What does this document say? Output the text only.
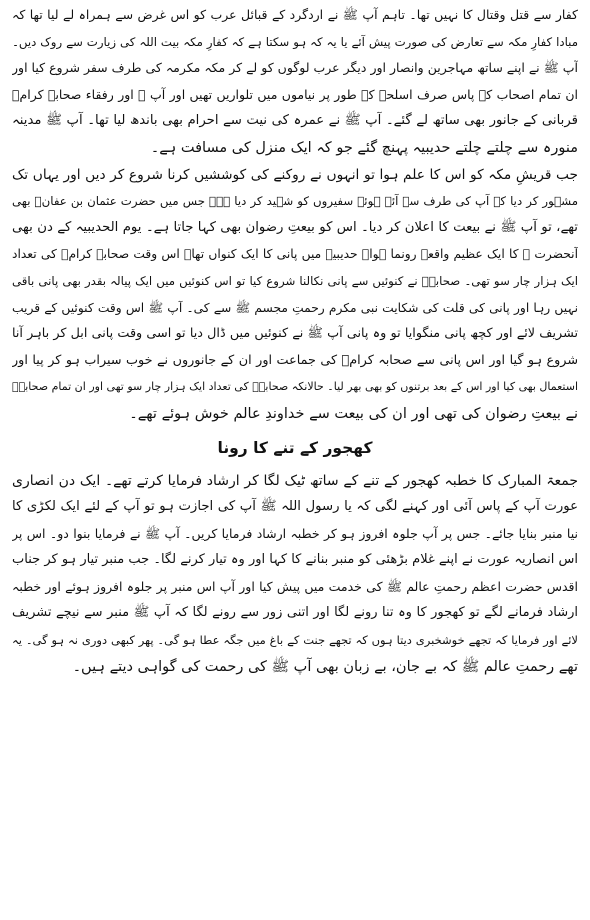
کفار سے قتل وقتال کا نہیں تھا۔ تاہم آپ ﷺ نے اردگرد کے قبائل عرب کو اس غرض سے ہمراہ لے لیا تھا کہ
مبادا کفارِ مکہ سے تعارض کی صورت پیش آئے یا یہ کہ ہو سکتا ہے کہ کفارِ مکہ بیت اللہ کی زیارت سے روک دیں۔
آپ ﷺ نے اپنے ساتھ مہاجرین وانصار اور دیگر عرب لوگوں کو لے کر مکہ مکرمہ کی طرف سفر شروع کیا اور
ان تمام اصحاب کے پاس صرف اسلحہ کے طور پر نیاموں میں تلواریں تھیں اور آپ ﷺ اور رفقاء صحابہ کرامؓ
قربانی کے جانور بھی ساتھ لے گئے۔ آپ ﷺ نے عمرہ کی نیت سے احرام بھی باندھ لیا تھا۔ آپ ﷺ مدینہ
منورہ سے چلتے چلتے حدیبیہ پہنچ گئے جو کہ ایک منزل کی مسافت ہے۔
جب قریشِ مکہ کو اس کا علم ہوا تو انہوں نے روکنے کی کوششیں کرنا شروع کر دیں اور یہاں تک
مشہور کر دیا کہ آپ کی طرف سے آئے ہوئے سفیروں کو شہید کر دیا ہے۔ جس میں حضرت عثمان بن عفانؓ بھی
تھے، تو آپ ﷺ نے بیعت کا اعلان کر دیا۔ اس کو بیعتِ رضوان بھی کہا جاتا ہے۔ یوم الحدیبیہ کے دن بھی
آنحضرت ﷺ کا ایک عظیم واقعہ رونما ہوا۔ حدیبیہ میں پانی کا ایک کنواں تھا۔ اس وقت صحابہ کرامؓ کی تعداد
ایک ہزار چار سو تھی۔ صحابہؓ نے کنوئیں سے پانی نکالنا شروع کیا تو اس کنوئیں میں ایک پیالہ بقدر بھی پانی باقی
نہیں رہا اور پانی کی قلت کی شکایت نبی مکرم رحمتِ مجسم ﷺ سے کی۔ آپ ﷺ اس وقت کنوئیں کے قریب
تشریف لائے اور کچھ پانی منگوایا تو وہ پانی آپ ﷺ نے کنوئیں میں ڈال دیا تو اسی وقت پانی ابل کر باہر آنا
شروع ہو گیا اور اس پانی سے صحابہ کرامؓ کی جماعت اور ان کے جانوروں نے خوب سیراب ہو کر پیا اور
استعمال بھی کیا اور اس کے بعد برتنوں کو بھی بھر لیا۔ حالانکہ صحابہؓ کی تعداد ایک ہزار چار سو تھی اور ان تمام صحابہؓ
نے بیعتِ رضوان کی تھی اور ان کی بیعت سے خداوندِ عالم خوش ہوئے تھے۔
کھجور کے تنے کا رونا
جمعۃ المبارک کا خطبہ کھجور کے تنے کے ساتھ ٹیک لگا کر ارشاد فرمایا کرتے تھے۔ ایک دن انصاری
عورت آپ کے پاس آئی اور کہنے لگی کہ یا رسول اللہ ﷺ آپ کی اجازت ہو تو آپ کے لئے ایک لکڑی کا
نیا منبر بنایا جائے۔ جس پر آپ جلوہ افروز ہو کر خطبہ ارشاد فرمایا کریں۔ آپ ﷺ نے فرمایا بنوا دو۔ اس پر
اس انصاریہ عورت نے اپنے غلام بڑھئی کو منبر بنانے کا کہا اور وہ تیار کرنے لگا۔ جب منبر تیار ہو کر جناب
اقدس حضرت اعظم رحمتِ عالم ﷺ کی خدمت میں پیش کیا اور آپ اس منبر پر جلوہ افروز ہوئے اور خطبہ
ارشاد فرمانے لگے تو کھجور کا وہ تنا رونے لگا اور اتنی زور سے رونے لگا کہ آپ ﷺ منبر سے نیچے تشریف
لائے اور فرمایا کہ تجھے خوشخبری دیتا ہوں کہ تجھے جنت کے باغ میں جگہ عطا ہو گی۔ پھر کبھی دوری نہ ہو گی۔ یہ
تھے رحمتِ عالم ﷺ کہ بے جان، بے زبان بھی آپ ﷺ کی رحمت کی گواہی دیتے ہیں۔
